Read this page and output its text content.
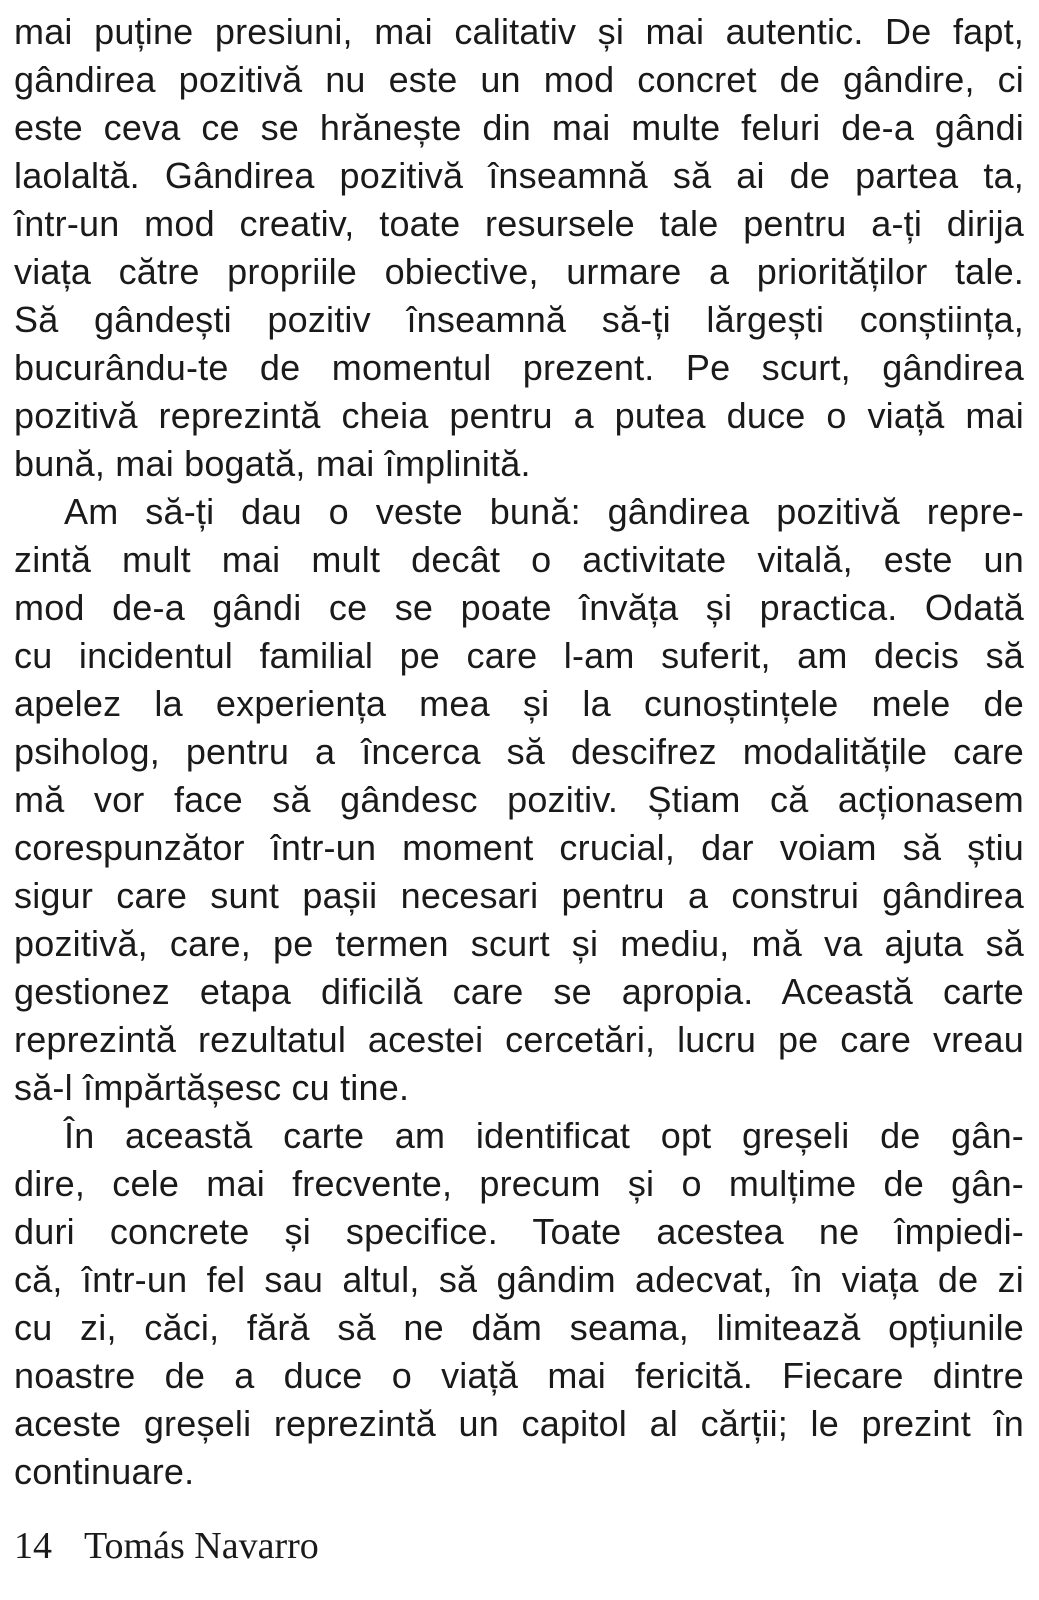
mai puține presiuni, mai calitativ și mai autentic. De fapt,
gândirea pozitivă nu este un mod concret de gândire, ci
este ceva ce se hrănește din mai multe feluri de-a gândi
laolaltă. Gândirea pozitivă înseamnă să ai de partea ta,
într-un mod creativ, toate resursele tale pentru a-ți dirija
viața către propriile obiective, urmare a priorităților tale.
Să gândești pozitiv înseamnă să-ți lărgești conștiința,
bucurându-te de momentul prezent. Pe scurt, gândirea
pozitivă reprezintă cheia pentru a putea duce o viață mai
bună, mai bogată, mai împlinită.
Am să-ți dau o veste bună: gândirea pozitivă repre-
zintă mult mai mult decât o activitate vitală, este un
mod de-a gândi ce se poate învăța și practica. Odată
cu incidentul familial pe care l-am suferit, am decis să
apelez la experiența mea și la cunoștințele mele de
psiholog, pentru a încerca să descifrez modalitățile care
mă vor face să gândesc pozitiv. Știam că acționasem
corespunzător într-un moment crucial, dar voiam să știu
sigur care sunt pașii necesari pentru a construi gândirea
pozitivă, care, pe termen scurt și mediu, mă va ajuta să
gestionez etapa dificilă care se apropia. Această carte
reprezintă rezultatul acestei cercetări, lucru pe care vreau
să-l împărtășesc cu tine.
În această carte am identificat opt greșeli de gân-
dire, cele mai frecvente, precum și o mulțime de gân-
duri concrete și specifice. Toate acestea ne împiedi-
că, într-un fel sau altul, să gândim adecvat, în viața de zi
cu zi, căci, fără să ne dăm seama, limitează opțiunile
noastre de a duce o viață mai fericită. Fiecare dintre
aceste greșeli reprezintă un capitol al cărții; le prezint în
continuare.
14 Tomás Navarro
